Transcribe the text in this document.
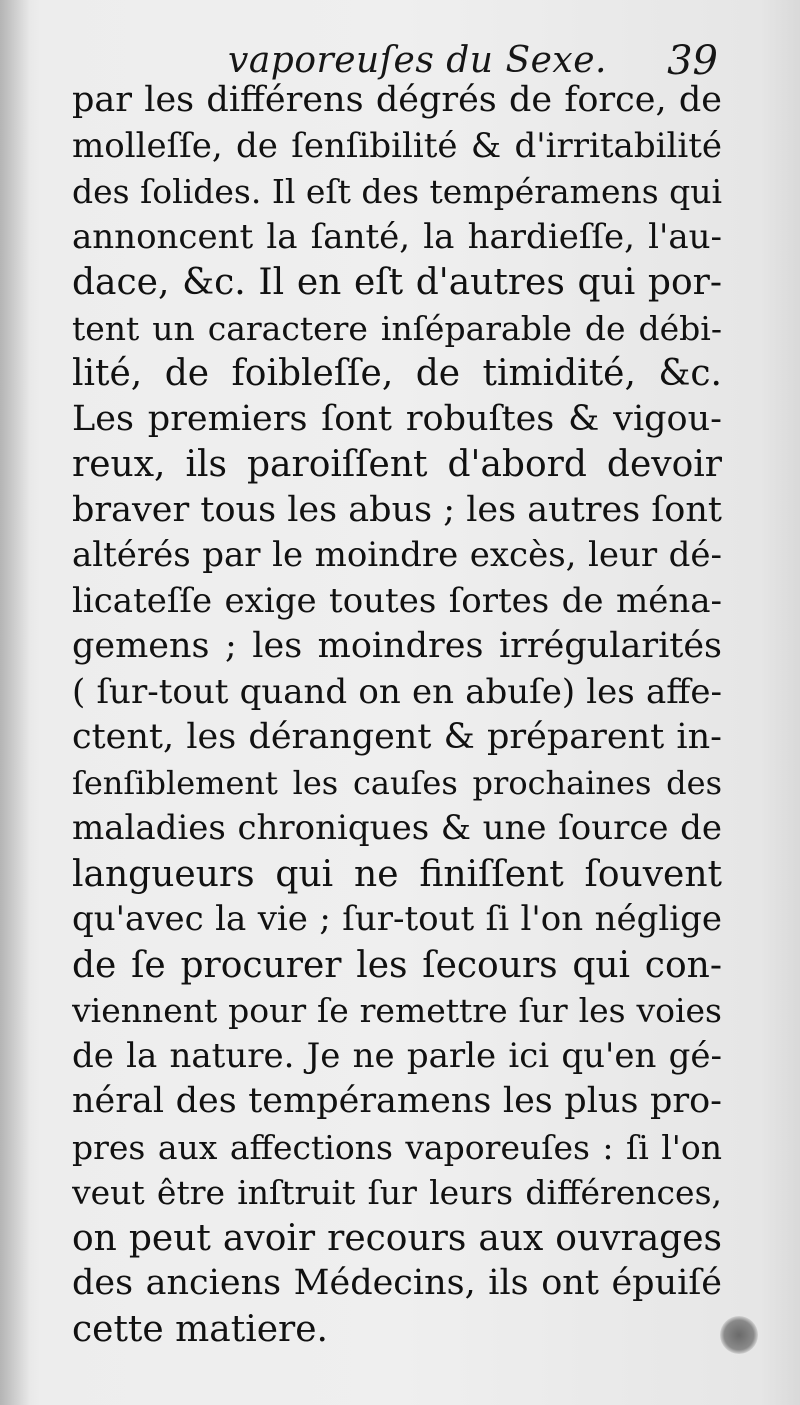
vaporeuſes du Sexe. 39
par les différens dégrés de force, de
molleſſe, de ſenſibilité & d'irritabilité
des ſolides. Il eſt des tempéramens qui
annoncent la ſanté, la hardieſſe, l'au-
dace, &c. Il en eſt d'autres qui por-
tent un caractere inſéparable de débi-
lité, de foibleſſe, de timidité, &c.
Les premiers ſont robuſtes & vigou-
reux, ils paroiſſent d'abord devoir
braver tous les abus ; les autres ſont
altérés par le moindre excès, leur dé-
licateſſe exige toutes ſortes de ména-
gemens ; les moindres irrégularités
( ſur-tout quand on en abuſe) les affe-
ctent, les dérangent & préparent in-
ſenſiblement les cauſes prochaines des
maladies chroniques & une ſource de
langueurs qui ne finiſſent ſouvent
qu'avec la vie ; ſur-tout ſi l'on néglige
de ſe procurer les ſecours qui con-
viennent pour ſe remettre ſur les voies
de la nature. Je ne parle ici qu'en gé-
néral des tempéramens les plus pro-
pres aux affections vaporeuſes : ſi l'on
veut être inſtruit ſur leurs différences,
on peut avoir recours aux ouvrages
des anciens Médecins, ils ont épuiſé
cette matiere.
